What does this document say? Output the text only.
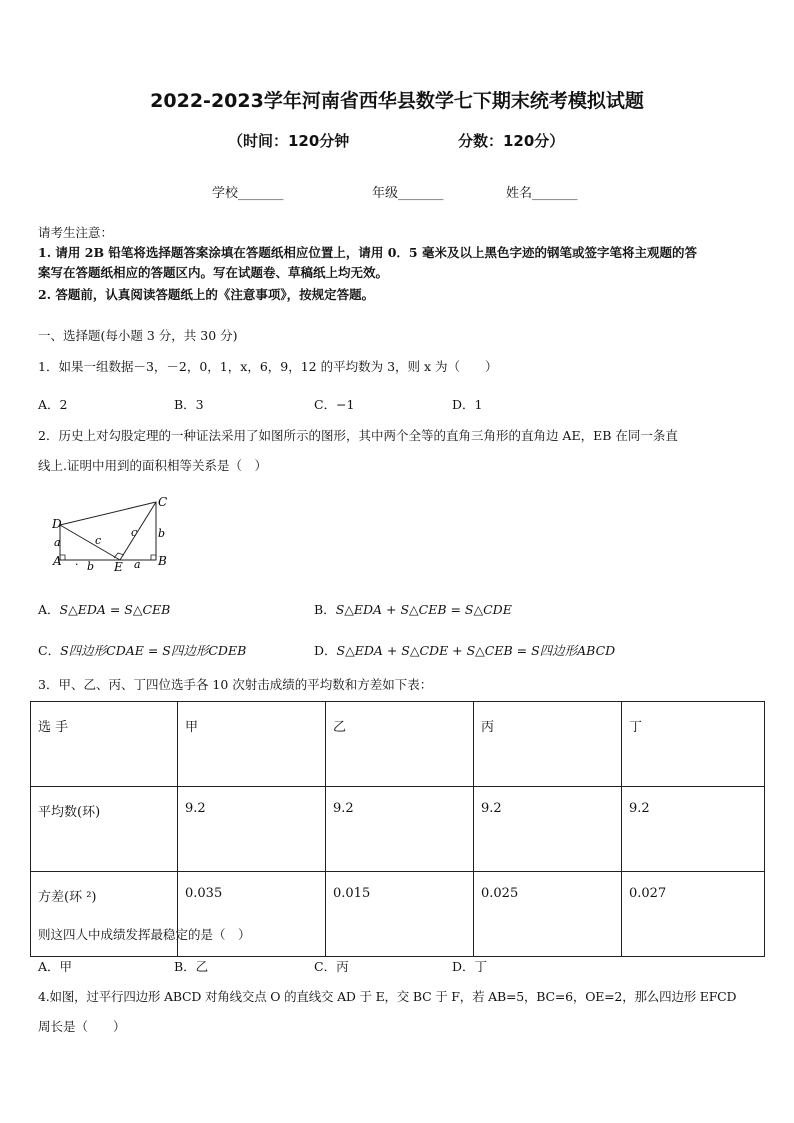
2022-2023学年河南省西华县数学七下期末统考模拟试题
（时间：120分钟	分数：120分）
学校_______	年级_______	姓名_______
请考生注意：
1. 请用 2B 铅笔将选择题答案涂填在答题纸相应位置上，请用 0．5 毫米及以上黑色字迹的钢笔或签字笔将主观题的答
案写在答题纸相应的答题区内。写在试题卷、草稿纸上均无效。
2. 答题前，认真阅读答题纸上的《注意事项》，按规定答题。
一、选择题(每小题 3 分，共 30 分)
1．如果一组数据－3，－2，0，1，x，6，9，12 的平均数为 3，则 x 为（　　）
A．2	B．3	C．−1	D．1
2．历史上对勾股定理的一种证法采用了如图所示的图形，其中两个全等的直角三角形的直角边 AE，EB 在同一条直
线上.证明中用到的面积相等关系是（　）
D
C
A	B
E
a
a
b
b
c
c
·
A．S△EDA = S△CEB	B．S△EDA + S△CEB = S△CDE
C．S四边形CDAE = S四边形CDEB	D．S△EDA + S△CDE + S△CEB = S四边形ABCD
3．甲、乙、丙、丁四位选手各 10 次射击成绩的平均数和方差如下表：
选 手	甲	乙	丙	丁
平均数(环)	9.2	9.2	9.2	9.2
方差(环 ²)	0.035	0.015	0.025	0.027
则这四人中成绩发挥最稳定的是（　）
A．甲	B．乙	C．丙	D．丁
4.如图，过平行四边形 ABCD 对角线交点 O 的直线交 AD 于 E，交 BC 于 F，若 AB=5，BC=6，OE=2，那么四边形 EFCD
周长是（　　）
